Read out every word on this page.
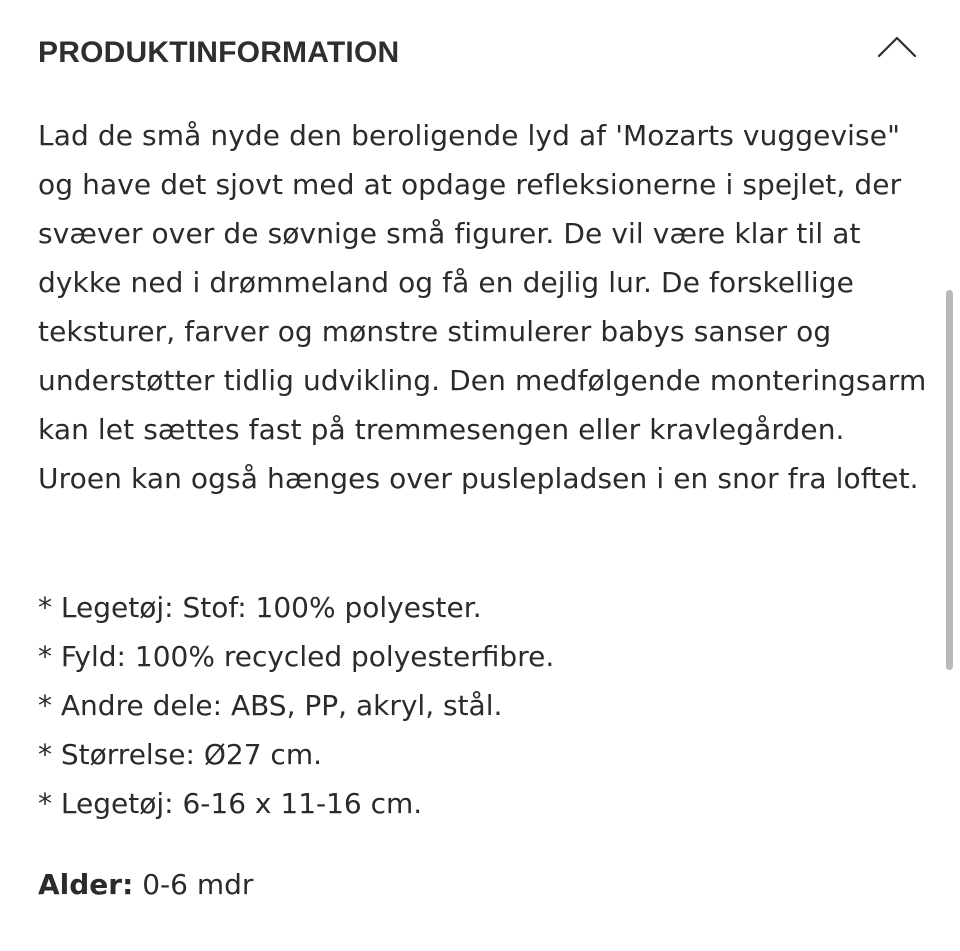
PRODUKTINFORMATION

Lad de små nyde den beroligende lyd af 'Mozarts vuggevise" og have det sjovt med at opdage refleksionerne i spejlet, der svæver over de søvnige små figurer. De vil være klar til at dykke ned i drømmeland og få en dejlig lur. De forskellige teksturer, farver og mønstre stimulerer babys sanser og understøtter tidlig udvikling. Den medfølgende monteringsarm kan let sættes fast på tremmesengen eller kravlegården. Uroen kan også hænges over puslepladsen i en snor fra loftet.

* Legetøj: Stof: 100% polyester.
* Fyld: 100% recycled polyesterfibre.
* Andre dele: ABS, PP, akryl, stål.
* Størrelse: Ø27 cm.
* Legetøj: 6-16 x 11-16 cm.
Alder: 0-6 mdr
